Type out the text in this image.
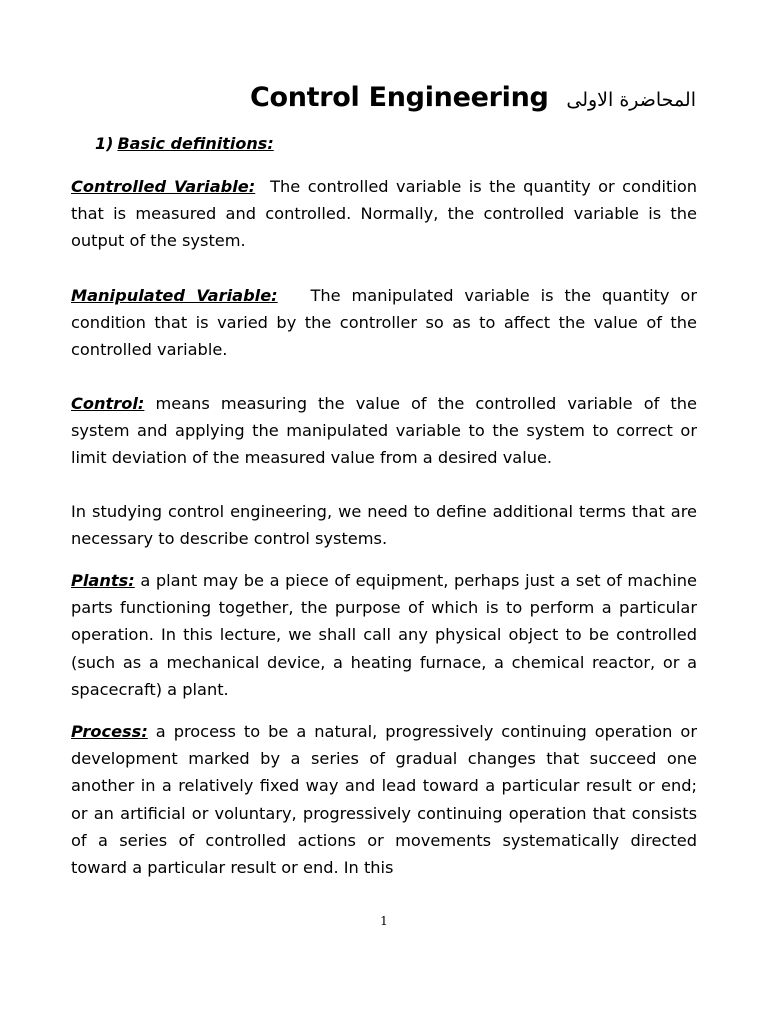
Control Engineering المحاضرة الاولى
1) Basic definitions:

Controlled Variable: The controlled variable is the quantity or condition that is measured and controlled. Normally, the controlled variable is the output of the system.

Manipulated Variable: The manipulated variable is the quantity or condition that is varied by the controller so as to affect the value of the controlled variable.

Control: means measuring the value of the controlled variable of the system and applying the manipulated variable to the system to correct or limit deviation of the measured value from a desired value.

In studying control engineering, we need to define additional terms that are necessary to describe control systems.

Plants: a plant may be a piece of equipment, perhaps just a set of machine parts functioning together, the purpose of which is to perform a particular operation. In this lecture, we shall call any physical object to be controlled (such as a mechanical device, a heating furnace, a chemical reactor, or a spacecraft) a plant.

Process: a process to be a natural, progressively continuing operation or development marked by a series of gradual changes that succeed one another in a relatively fixed way and lead toward a particular result or end; or an artificial or voluntary, progressively continuing operation that consists of a series of controlled actions or movements systematically directed toward a particular result or end. In this

1
